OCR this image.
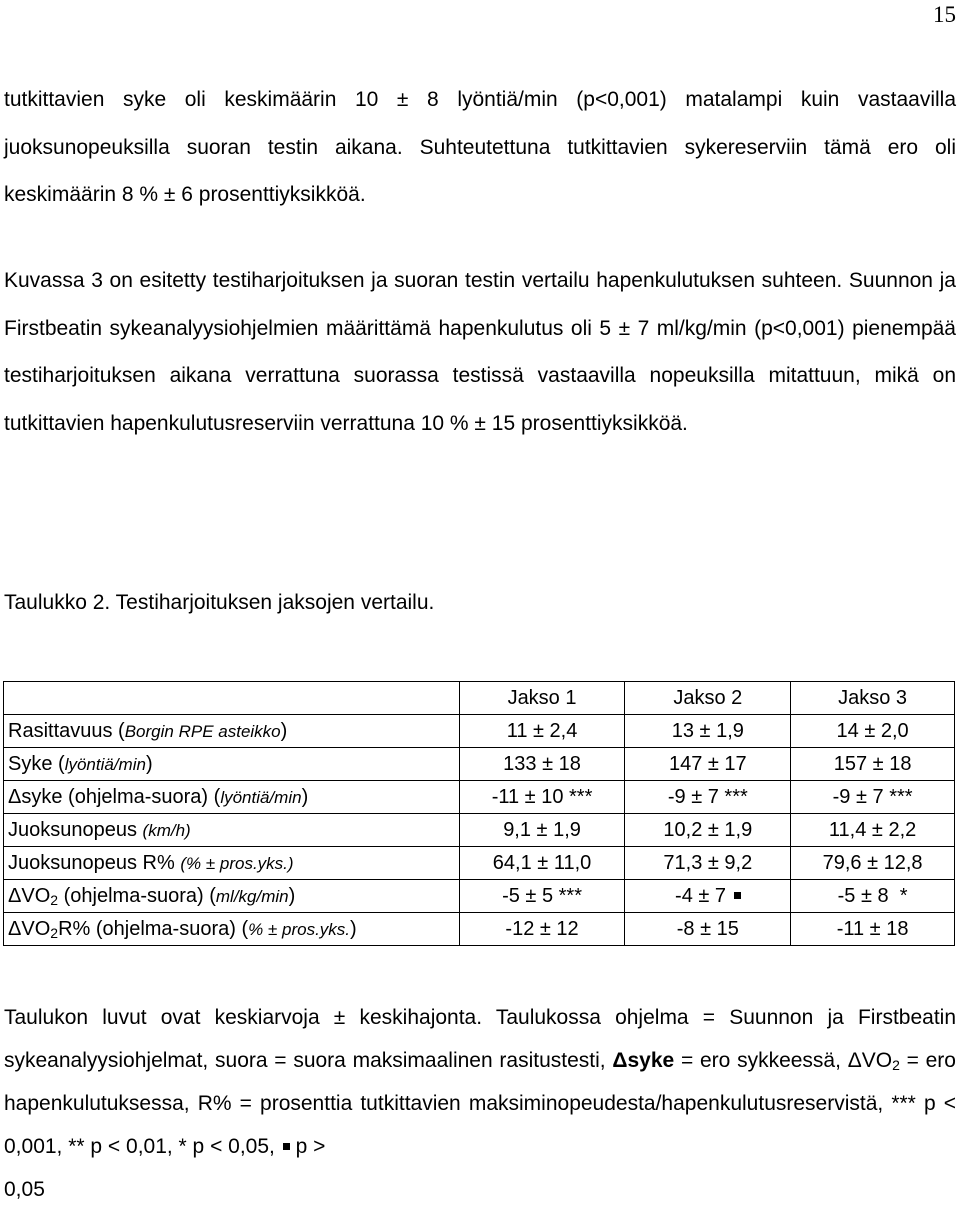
15

tutkittavien syke oli keskimäärin 10 ± 8 lyöntiä/min (p<0,001) matalampi kuin vastaavilla juoksunopeuksilla suoran testin aikana. Suhteutettuna tutkittavien sykereserviin tämä ero oli keskimäärin 8 % ± 6 prosenttiyksikköä.

Kuvassa 3 on esitetty testiharjoituksen ja suoran testin vertailu hapenkulutuksen suhteen. Suunnon ja Firstbeatin sykeanalyysiohjelmien määrittämä hapenkulutus oli 5 ± 7 ml/kg/min (p<0,001) pienempää testiharjoituksen aikana verrattuna suorassa testissä vastaavilla nopeuksilla mitattuun, mikä on tutkittavien hapenkulutusreserviin verrattuna 10 % ± 15 prosenttiyksikköä.

Taulukko 2. Testiharjoituksen jaksojen vertailu.

	Jakso 1	Jakso 2	Jakso 3
Rasittavuus (Borgin RPE asteikko)	11 ± 2,4	13 ± 1,9	14 ± 2,0
Syke (lyöntiä/min)	133 ± 18	147 ± 17	157 ± 18
Δsyke (ohjelma-suora) (lyöntiä/min)	-11 ± 10 ***	-9 ± 7 ***	-9 ± 7 ***
Juoksunopeus (km/h)	9,1 ± 1,9	10,2 ± 1,9	11,4 ± 2,2
Juoksunopeus R% (% ± pros.yks.)	64,1 ± 11,0	71,3 ± 9,2	79,6 ± 12,8
$\Delta VO_2$ (ohjelma-suora) (ml/kg/min)	-5 ± 5 ***	-4 ± 7	-5 ± 8  *
$\Delta VO_2R\%$ (ohjelma-suora) (% ± pros.yks.)	-12 ± 12	-8 ± 15	-11 ± 18

Taulukon luvut ovat keskiarvoja ± keskihajonta. Taulukossa ohjelma = Suunnon ja Firstbeatin sykeanalyysiohjelmat, suora = suora maksimaalinen rasitustesti, Δsyke = ero sykkeessä, $\Delta VO_2$ = ero hapenkulutuksessa, R% = prosenttia tutkittavien maksiminopeudesta/hapenkulutusreservistä, *** p < 0,001, ** p < 0,01, * p < 0,05,  p >
0,05
